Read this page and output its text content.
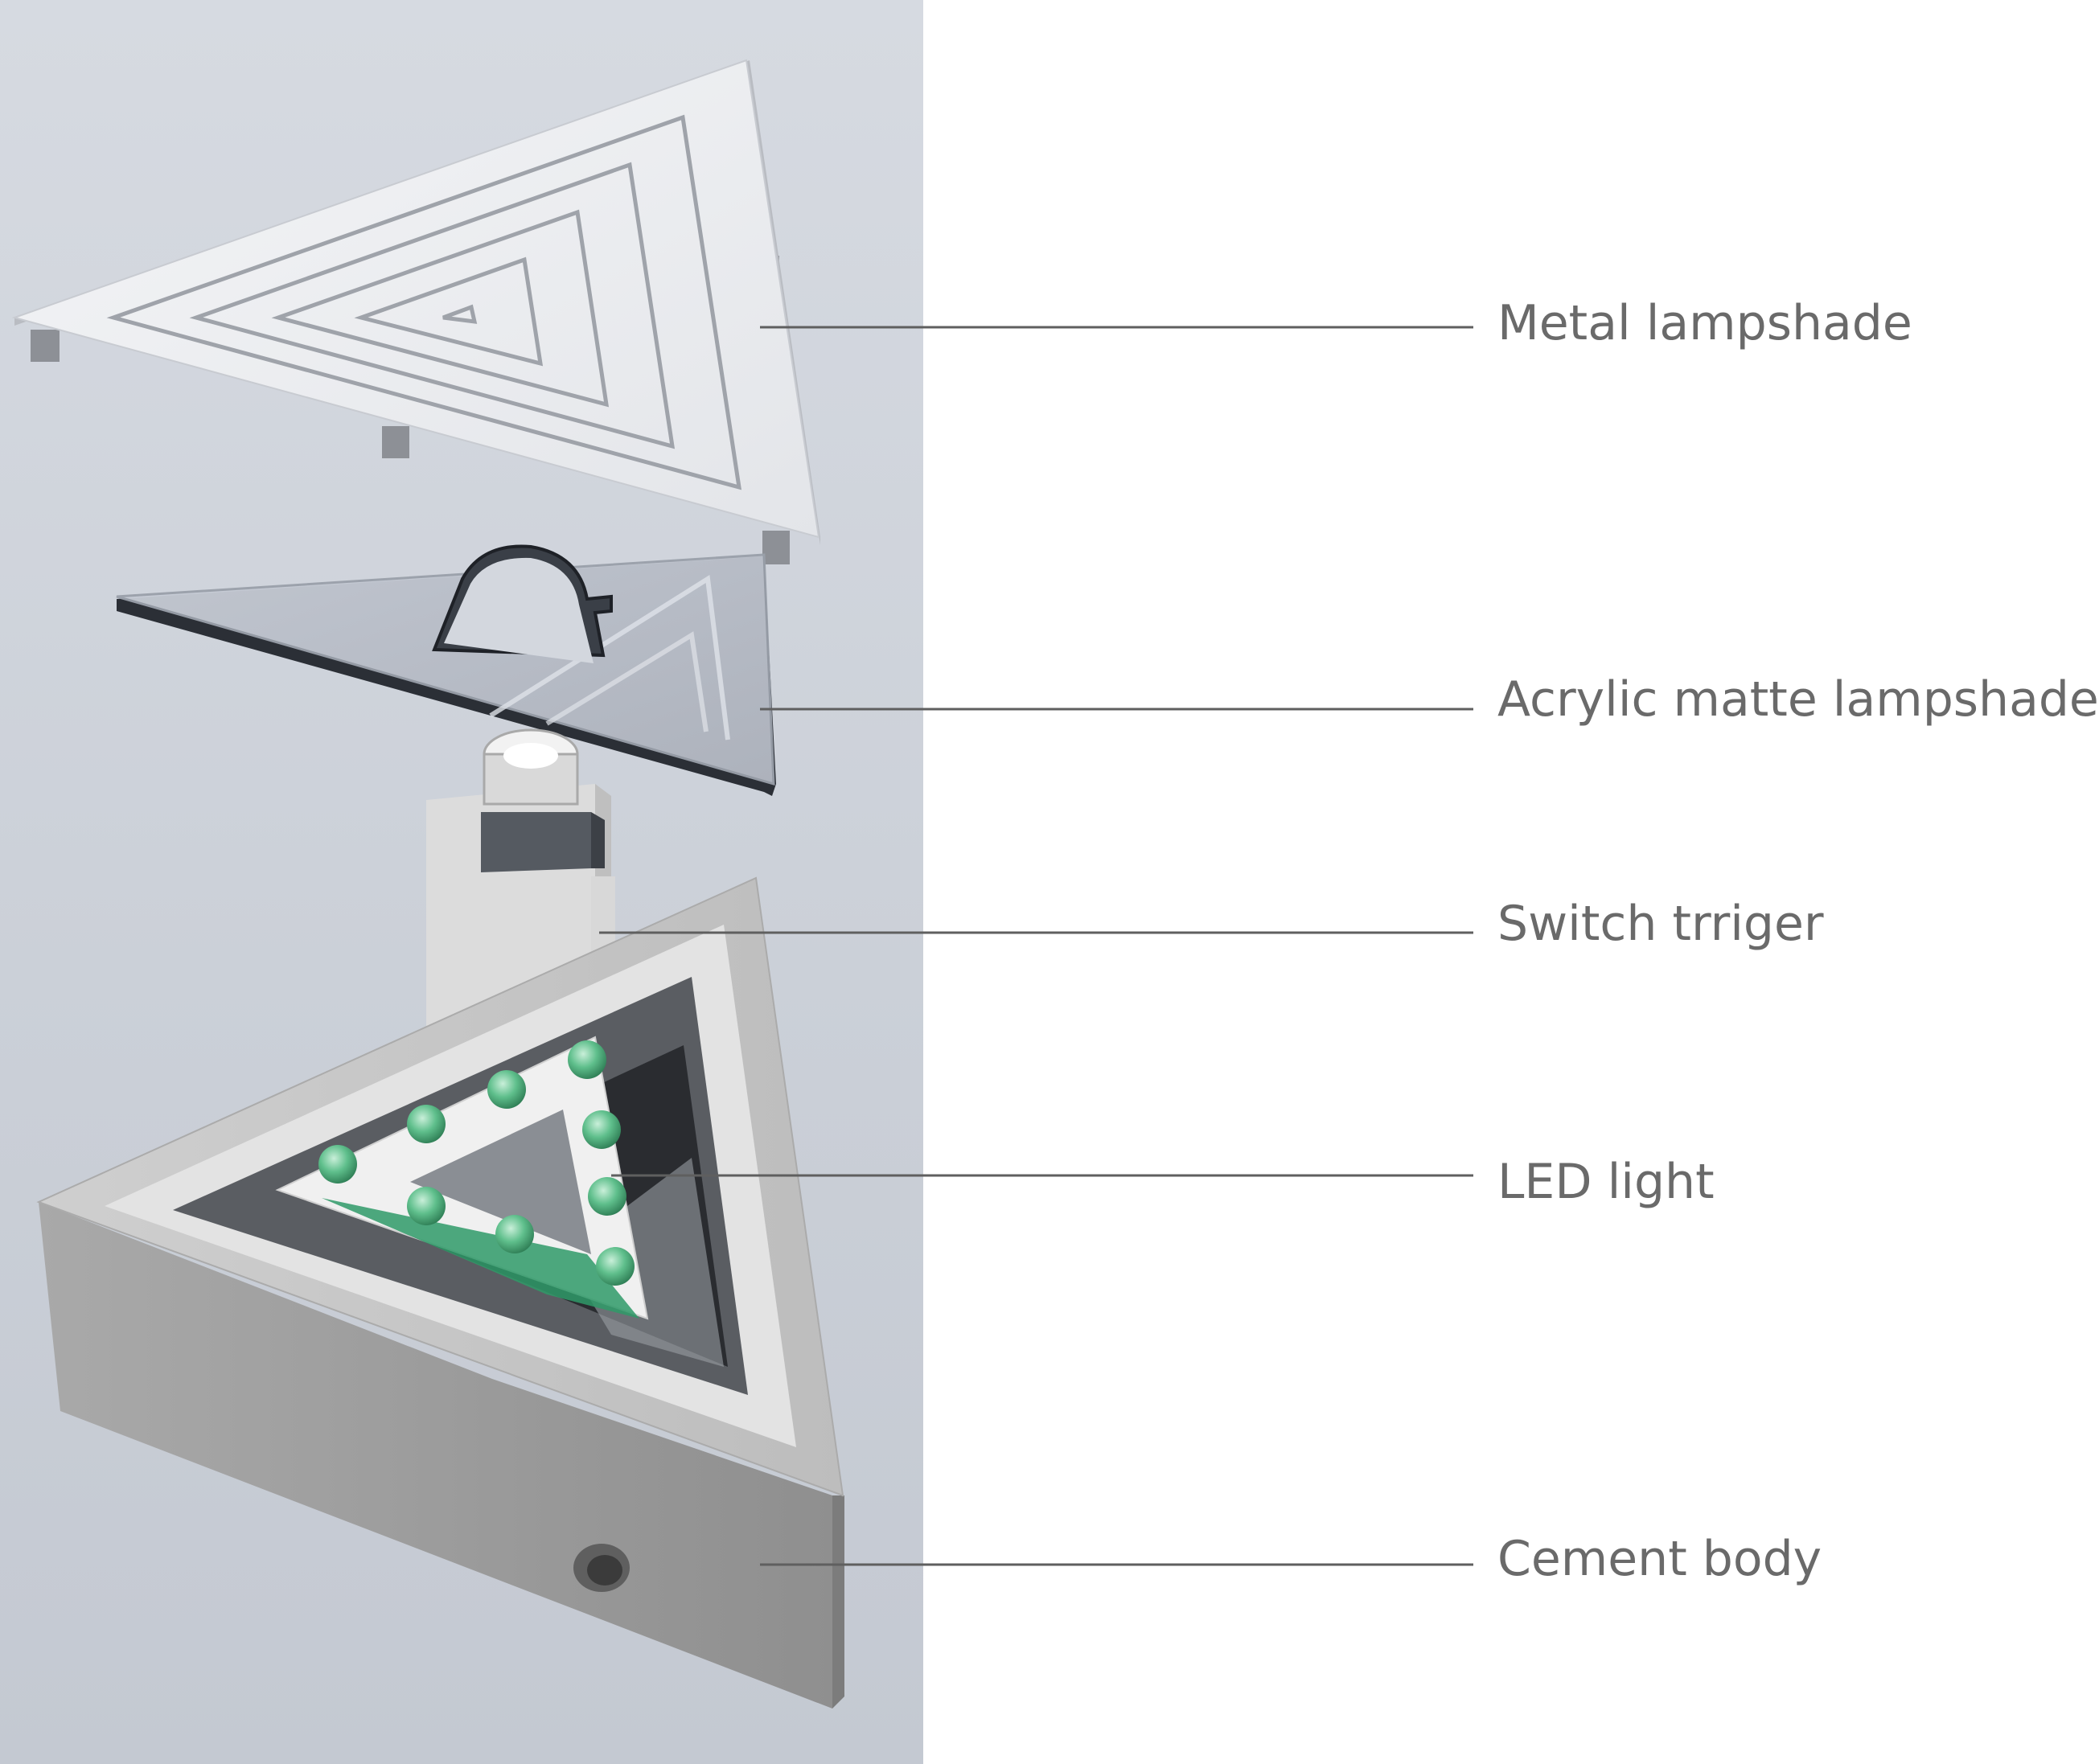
Metal lampshade
Acrylic matte lampshade
Switch trriger
LED light
Cement body
